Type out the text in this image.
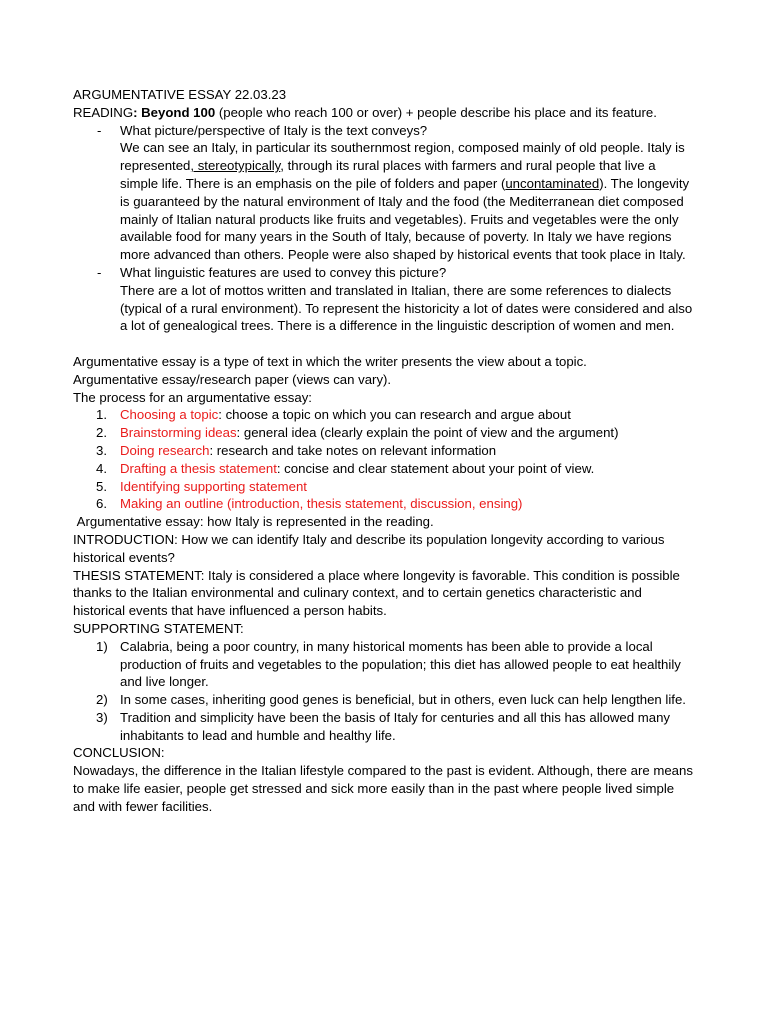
ARGUMENTATIVE ESSAY 22.03.23

READING: Beyond 100 (people who reach 100 or over) + people describe his place and its feature.

- What picture/perspective of Italy is the text conveys?

We can see an Italy, in particular its southernmost region, composed mainly of old people. Italy is represented, stereotypically, through its rural places with farmers and rural people that live a simple life. There is an emphasis on the pile of folders and paper (uncontaminated). The longevity is guaranteed by the natural environment of Italy and the food (the Mediterranean diet composed mainly of Italian natural products like fruits and vegetables). Fruits and vegetables were the only available food for many years in the South of Italy, because of poverty. In Italy we have regions more advanced than others. People were also shaped by historical events that took place in Italy.

- What linguistic features are used to convey this picture?

There are a lot of mottos written and translated in Italian, there are some references to dialects (typical of a rural environment). To represent the historicity a lot of dates were considered and also a lot of genealogical trees. There is a difference in the linguistic description of women and men.

Argumentative essay is a type of text in which the writer presents the view about a topic.

Argumentative essay/research paper (views can vary).

The process for an argumentative essay:

1. Choosing a topic: choose a topic on which you can research and argue about
2. Brainstorming ideas: general idea (clearly explain the point of view and the argument)
3. Doing research: research and take notes on relevant information
4. Drafting a thesis statement: concise and clear statement about your point of view.
5. Identifying supporting statement
6. Making an outline (introduction, thesis statement, discussion, ensing)

Argumentative essay: how Italy is represented in the reading.

INTRODUCTION: How we can identify Italy and describe its population longevity according to various historical events?

THESIS STATEMENT: Italy is considered a place where longevity is favorable. This condition is possible thanks to the Italian environmental and culinary context, and to certain genetics characteristic and historical events that have influenced a person habits.

SUPPORTING STATEMENT:

1) Calabria, being a poor country, in many historical moments has been able to provide a local production of fruits and vegetables to the population; this diet has allowed people to eat healthily and live longer.
2) In some cases, inheriting good genes is beneficial, but in others, even luck can help lengthen life.
3) Tradition and simplicity have been the basis of Italy for centuries and all this has allowed many inhabitants to lead and humble and healthy life.

CONCLUSION:

Nowadays, the difference in the Italian lifestyle compared to the past is evident. Although, there are means to make life easier, people get stressed and sick more easily than in the past where people lived simple and with fewer facilities.
